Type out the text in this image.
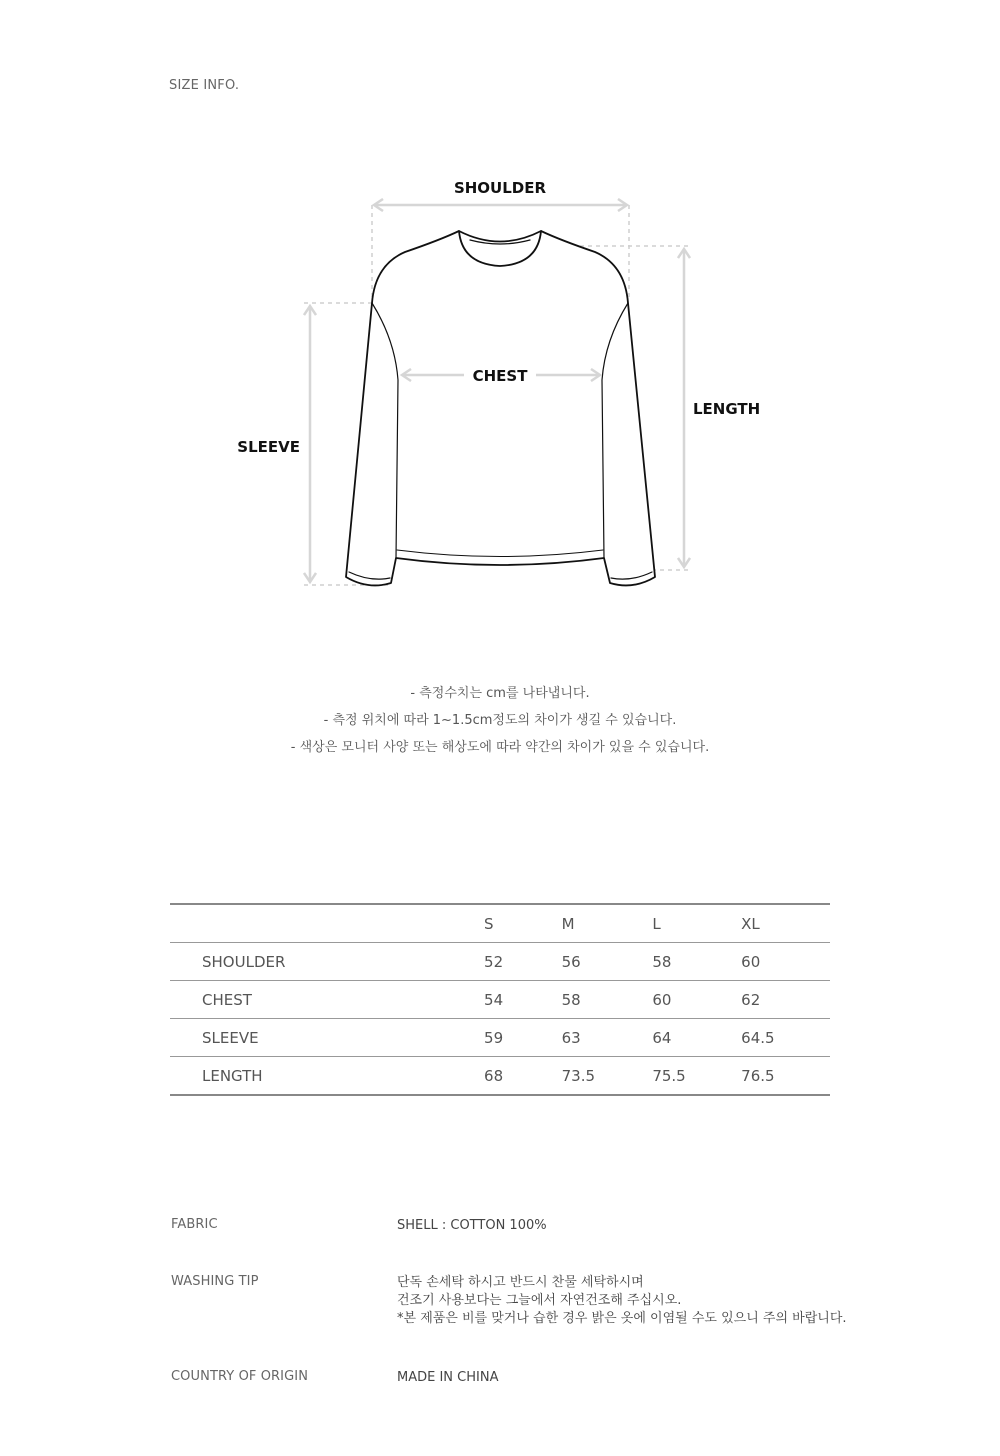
SIZE INFO.
SHOULDER
CHEST
LENGTH
SLEEVE
- 측정수치는 cm를 나타냅니다.
- 측정 위치에 따라 1~1.5cm정도의 차이가 생길 수 있습니다.
- 색상은 모니터 사양 또는 해상도에 따라 약간의 차이가 있을 수 있습니다.
	S	M	L	XL
SHOULDER	52	56	58	60
CHEST	54	58	60	62
SLEEVE	59	63	64	64.5
LENGTH	68	73.5	75.5	76.5
FABRIC	SHELL : COTTON 100%
WASHING TIP	단독 손세탁 하시고 반드시 찬물 세탁하시며
건조기 사용보다는 그늘에서 자연건조해 주십시오.
*본 제품은 비를 맞거나 습한 경우 밝은 옷에 이염될 수도 있으니 주의 바랍니다.
COUNTRY OF ORIGIN	MADE IN CHINA
